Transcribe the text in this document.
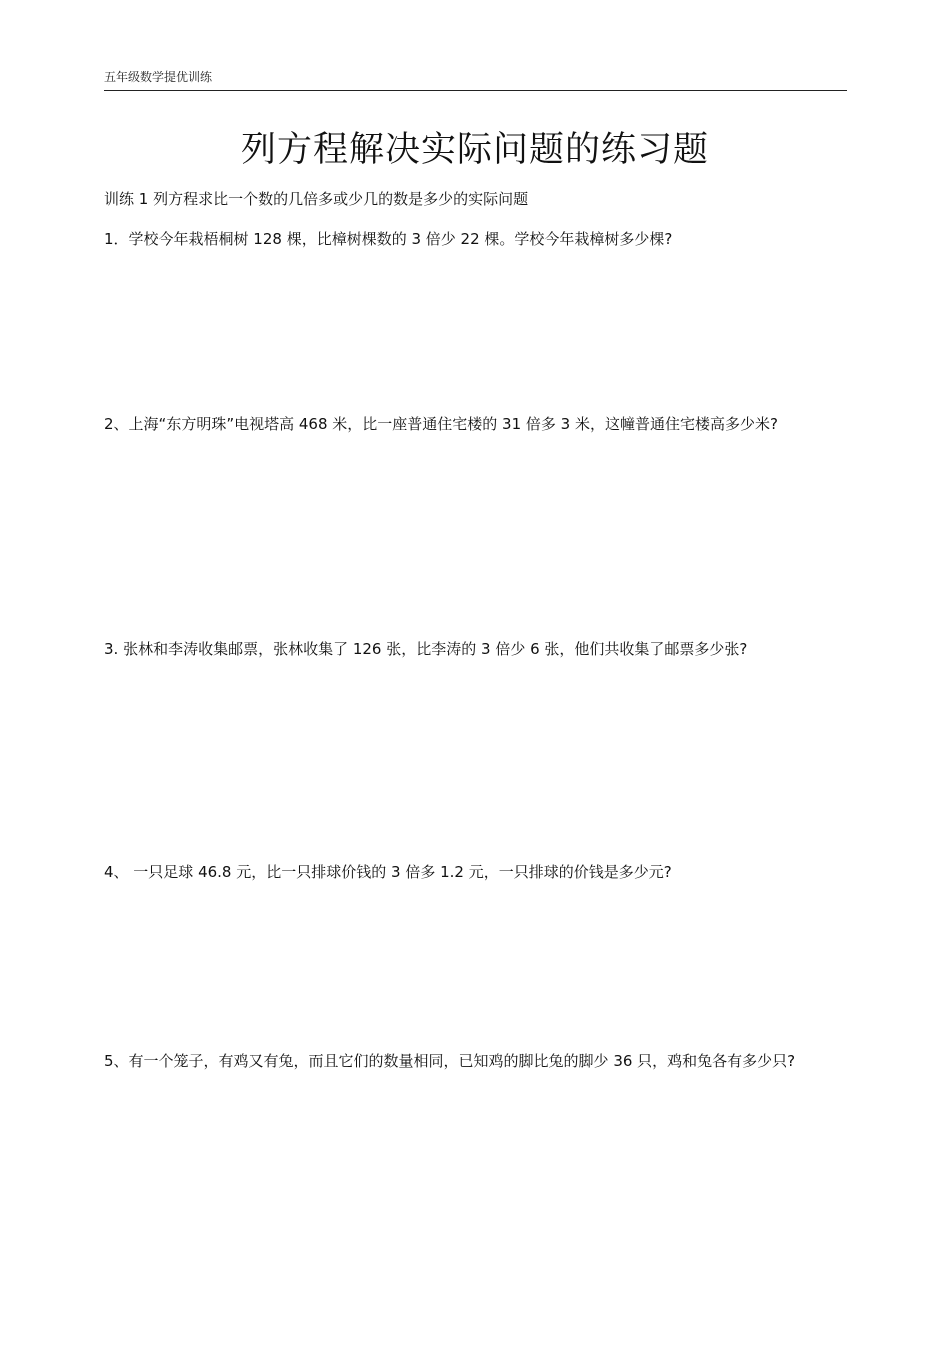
五年级数学提优训练
列方程解决实际问题的练习题
训练 1 列方程求比一个数的几倍多或少几的数是多少的实际问题

1．学校今年栽梧桐树 128 棵，比樟树棵数的 3 倍少 22 棵。学校今年栽樟树多少棵?

2、上海“东方明珠”电视塔高 468 米，比一座普通住宅楼的 31 倍多 3 米，这幢普通住宅楼高多少米?

3. 张林和李涛收集邮票，张林收集了 126 张，比李涛的 3 倍少 6 张，他们共收集了邮票多少张?

4、 一只足球 46.8 元，比一只排球价钱的 3 倍多 1.2 元，一只排球的价钱是多少元?

5、有一个笼子，有鸡又有兔，而且它们的数量相同，已知鸡的脚比兔的脚少 36 只，鸡和兔各有多少只?
